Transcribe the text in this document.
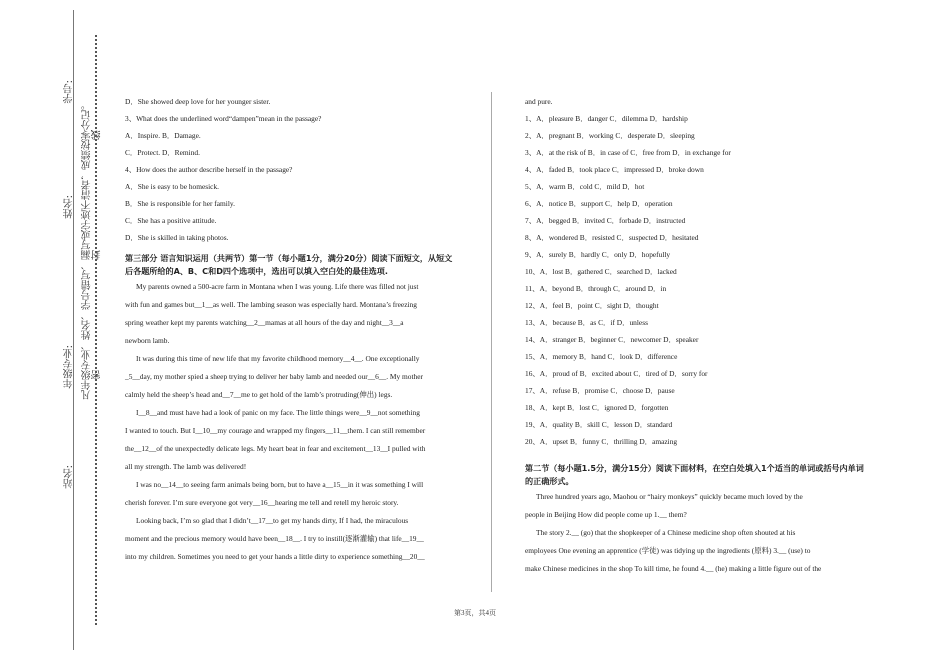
学号:
姓名:
年级专业:
站名:
凡年级专业、姓名、学号错写、漏写或字迹不清者，成绩按零分记。 线
封
密
D．She showed deep love for her younger sister.
3、What does the underlined word“dampen”mean in the passage?
A．Inspire. B．Damage.
C．Protect. D．Remind.
4、How does the author describe herself in the passage?
A．She is easy to be homesick.
B．She is responsible for her family.
C．She has a positive attitude.
D．She is skilled in taking photos.
第三部分 语言知识运用（共两节）第一节（每小题1分，满分20分）阅读下面短文，从短文后各题所给的A、B、C和D四个选项中，选出可以填入空白处的最佳选项.
My parents owned a 500-acre farm in Montana when I was young. Life there was filled not just
with fun and games but__1__as well. The lambing season was especially hard. Montana’s freezing
spring weather kept my parents watching__2__mamas at all hours of the day and night__3__a
newborn lamb.
It was during this time of new life that my favorite childhood memory__4__. One exceptionally
_5__day, my mother spied a sheep trying to deliver her baby lamb and needed our__6__. My mother
calmly held the sheep’s head and__7__me to get hold of the lamb’s protruding(伸出) legs.
I__8__and must have had a look of panic on my face. The little things were__9__not something
I wanted to touch. But I__10__my courage and wrapped my fingers__11__them. I can still remember
the__12__of the unexpectedly delicate legs. My heart beat in fear and excitement__13__I pulled with
all my strength. The lamb was delivered!
I was no__14__to seeing farm animals being born, but to have a__15__in it was something I will
cherish forever. I’m sure everyone got very__16__hearing me tell and retell my heroic story.
Looking back, I’m so glad that I didn’t__17__to get my hands dirty, If I had, the miraculous
moment and the precious memory would have been__18__. I try to instill(逐渐灌输) that life__19__
into my children. Sometimes you need to get your hands a little dirty to experience something__20__
and pure.
1、A．pleasure B．danger C．dilemma D．hardship
2、A．pregnant B．working C．desperate D．sleeping
3、A．at the risk of B．in case of C．free from D．in exchange for
4、A．faded B．took place C．impressed D．broke down
5、A．warm B．cold C．mild D．hot
6、A．notice B．support C．help D．operation
7、A．begged B．invited C．forbade D．instructed
8、A．wondered B．resisted C．suspected D．hesitated
9、A．surely B．hardly C．only D．hopefully
10、A．lost B．gathered C．searched D．lacked
11、A．beyond B．through C．around D．in
12、A．feel B．point C．sight D．thought
13、A．because B．as C．if D．unless
14、A．stranger B．beginner C．newcomer D．speaker
15、A．memory B．hand C．look D．difference
16、A．proud of B．excited about C．tired of D．sorry for
17、A．refuse B．promise C．choose D．pause
18、A．kept B．lost C．ignored D．forgotten
19、A．quality B．skill C．lesson D．standard
20、A．upset B．funny C．thrilling D．amazing
第二节（每小题1.5分，满分15分）阅读下面材料，在空白处填入1个适当的单词或括号内单词的正确形式。
Three hundred years ago, Maohou or “hairy monkeys” quickly became much loved by the
people in Beijing How did people come up 1.__ them?
The story 2.__ (go) that the shopkeeper of a Chinese medicine shop often shouted at his
employees One evening an apprentice (学徒) was tidying up the ingredients (原料) 3.__ (use) to
make Chinese medicines in the shop To kill time, he found 4.__ (he) making a little figure out of the
第3页，共4页
